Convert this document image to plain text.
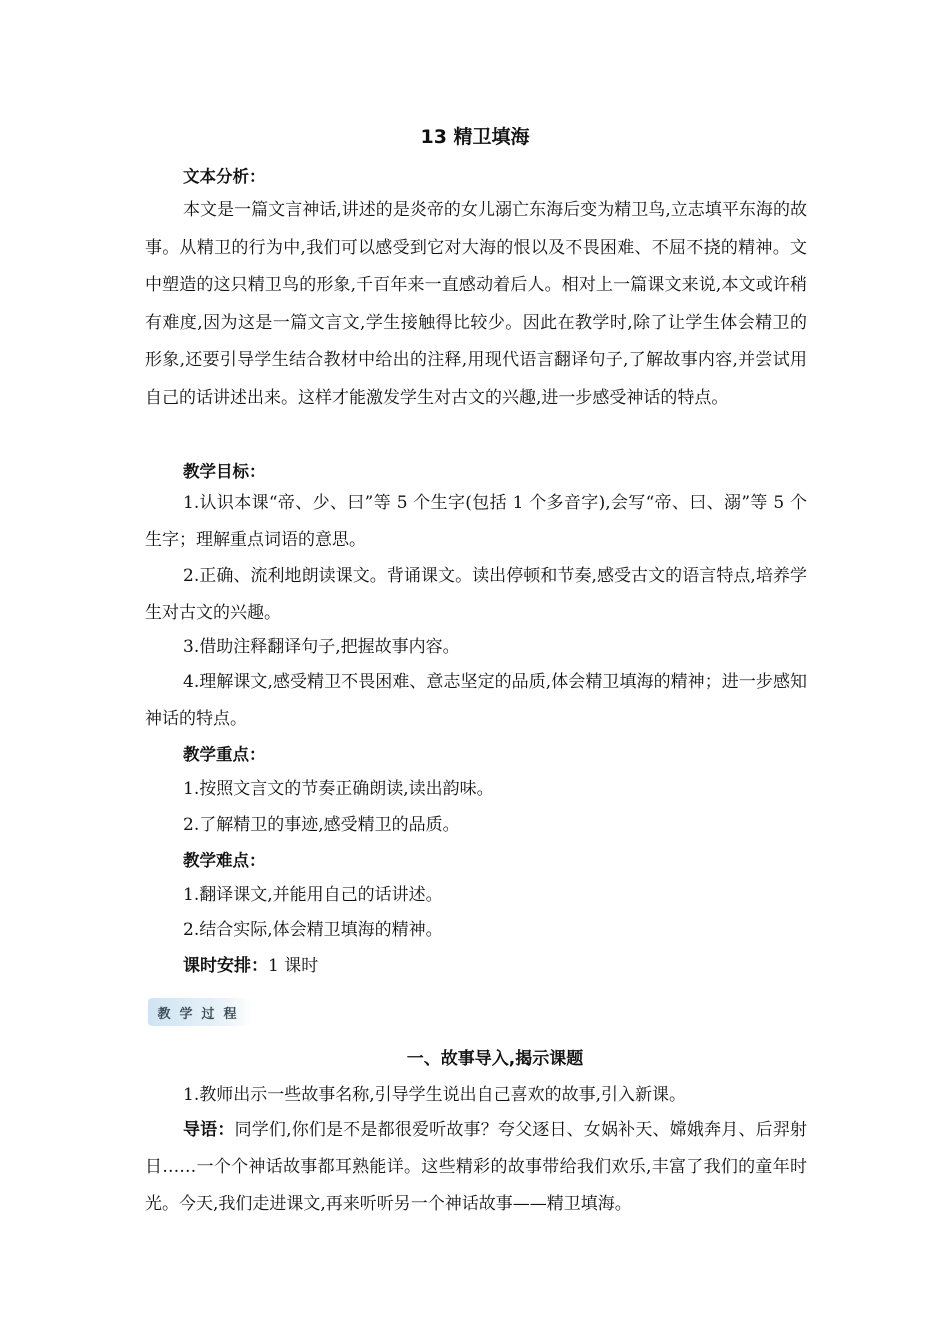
13 精卫填海
文本分析：
本文是一篇文言神话,讲述的是炎帝的女儿溺亡东海后变为精卫鸟,立志填平东海的故事。从精卫的行为中,我们可以感受到它对大海的恨以及不畏困难、不屈不挠的精神。文中塑造的这只精卫鸟的形象,千百年来一直感动着后人。相对上一篇课文来说,本文或许稍有难度,因为这是一篇文言文,学生接触得比较少。因此在教学时,除了让学生体会精卫的形象,还要引导学生结合教材中给出的注释,用现代语言翻译句子,了解故事内容,并尝试用自己的话讲述出来。这样才能激发学生对古文的兴趣,进一步感受神话的特点。
教学目标：
1.认识本课“帝、少、曰”等 5 个生字(包括 1 个多音字),会写“帝、曰、溺”等 5 个生字；理解重点词语的意思。
2.正确、流利地朗读课文。背诵课文。读出停顿和节奏,感受古文的语言特点,培养学生对古文的兴趣。
3.借助注释翻译句子,把握故事内容。
4.理解课文,感受精卫不畏困难、意志坚定的品质,体会精卫填海的精神；进一步感知神话的特点。
教学重点：
1.按照文言文的节奏正确朗读,读出韵味。
2.了解精卫的事迹,感受精卫的品质。
教学难点：
1.翻译课文,并能用自己的话讲述。
2.结合实际,体会精卫填海的精神。
课时安排：1 课时
教 学 过 程
一、故事导入,揭示课题
1.教师出示一些故事名称,引导学生说出自己喜欢的故事,引入新课。
导语：同学们,你们是不是都很爱听故事？夸父逐日、女娲补天、嫦娥奔月、后羿射日……一个个神话故事都耳熟能详。这些精彩的故事带给我们欢乐,丰富了我们的童年时光。今天,我们走进课文,再来听听另一个神话故事——精卫填海。
